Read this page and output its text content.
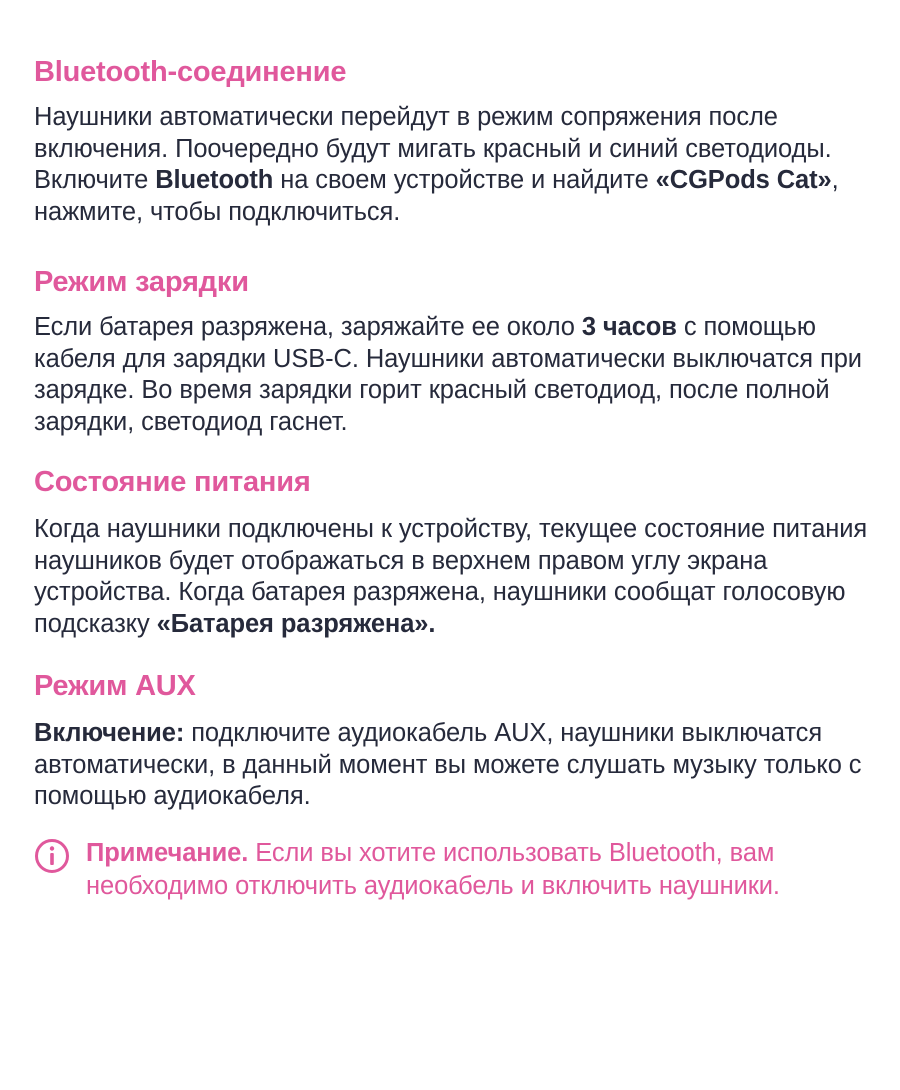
Bluetooth-соединение

Наушники автоматически перейдут в режим сопряжения после включения. Поочередно будут мигать красный и синий светодиоды. Включите Bluetooth на своем устройстве и найдите «CGPods Cat», нажмите, чтобы подключиться.

Режим зарядки

Если батарея разряжена, заряжайте ее около 3 часов с помощью кабеля для зарядки USB-C. Наушники автоматически выключатся при зарядке. Во время зарядки горит красный светодиод, после полной зарядки, светодиод гаснет.

Состояние питания

Когда наушники подключены к устройству, текущее состояние питания наушников будет отображаться в верхнем правом углу экрана устройства. Когда батарея разряжена, наушники сообщат голосовую подсказку «Батарея разряжена».

Режим AUX

Включение: подключите аудиокабель AUX, наушники выключатся автоматически, в данный момент вы можете слушать музыку только с помощью аудиокабеля.

Примечание. Если вы хотите использовать Bluetooth, вам необходимо отключить аудиокабель и включить наушники.
